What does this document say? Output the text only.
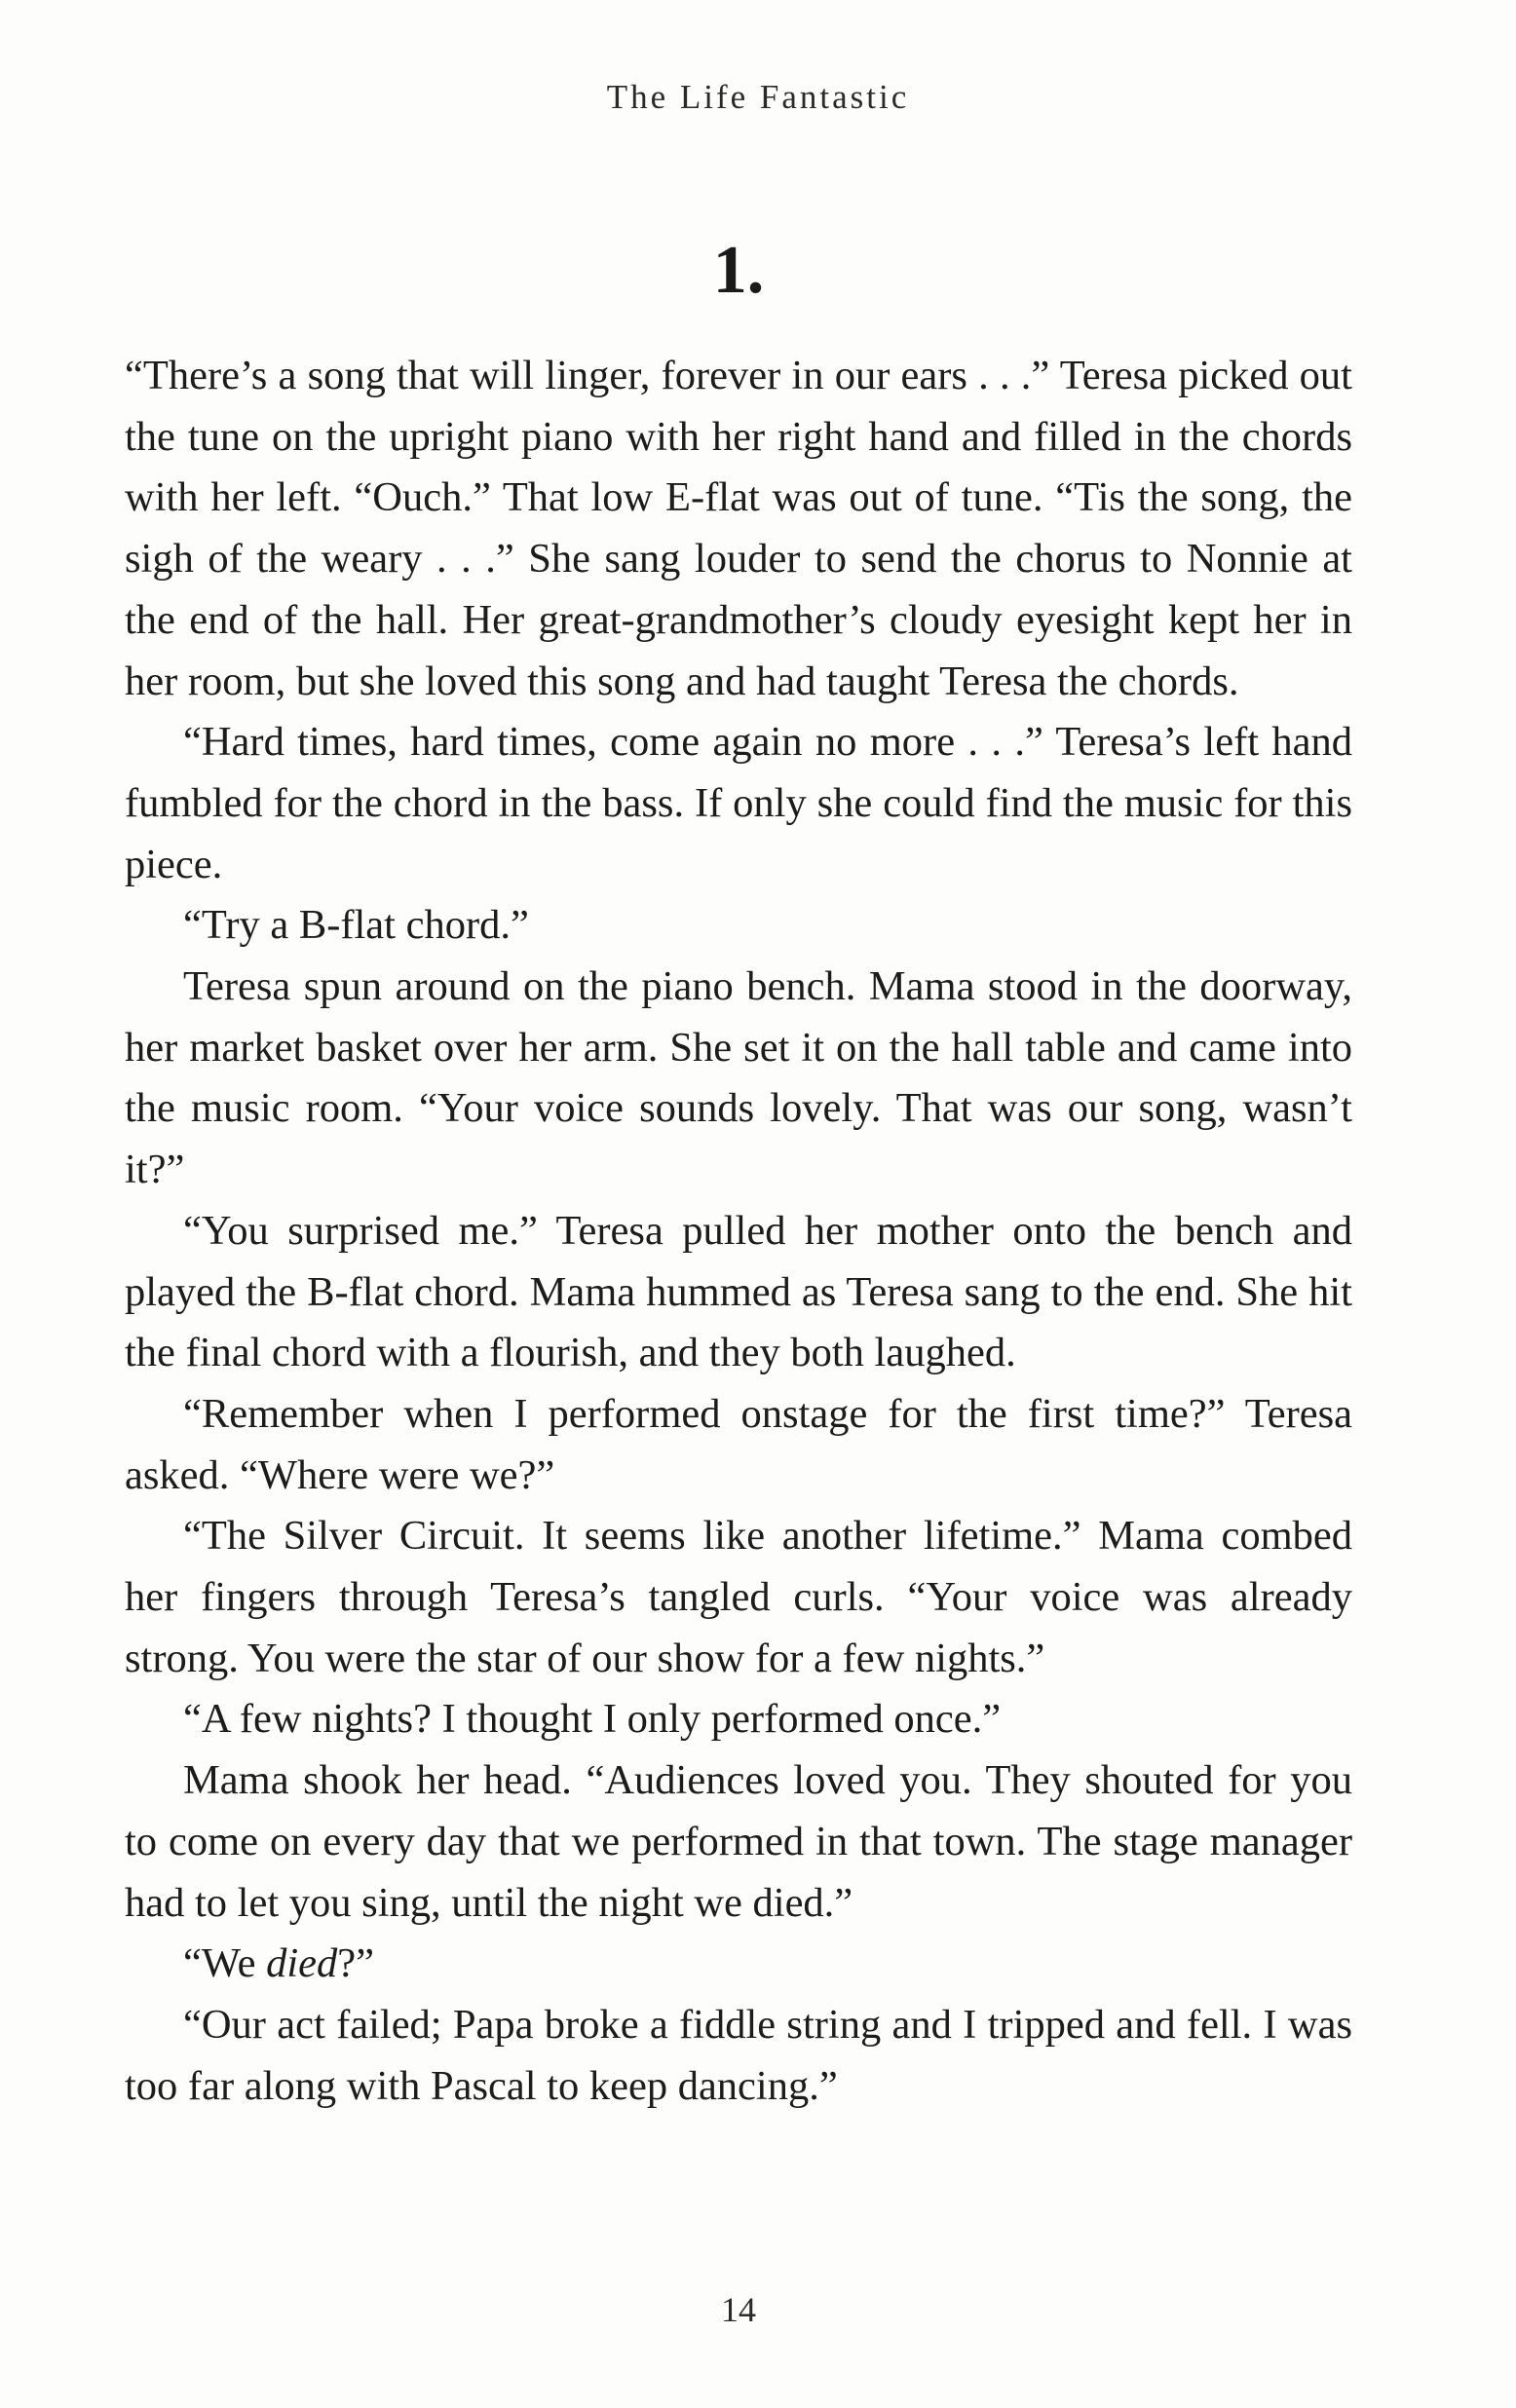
The Life Fantastic
1.

“There’s a song that will linger, forever in our ears . . .” Teresa picked out the tune on the upright piano with her right hand and filled in the chords with her left. “Ouch.” That low E-flat was out of tune. “Tis the song, the sigh of the weary . . .” She sang louder to send the chorus to Nonnie at the end of the hall. Her great-grandmother’s cloudy eyesight kept her in her room, but she loved this song and had taught Teresa the chords.

“Hard times, hard times, come again no more . . .” Teresa’s left hand fumbled for the chord in the bass. If only she could find the music for this piece.

“Try a B-flat chord.”

Teresa spun around on the piano bench. Mama stood in the doorway, her market basket over her arm. She set it on the hall table and came into the music room. “Your voice sounds lovely. That was our song, wasn’t it?”

“You surprised me.” Teresa pulled her mother onto the bench and played the B-flat chord. Mama hummed as Teresa sang to the end. She hit the final chord with a flourish, and they both laughed.

“Remember when I performed onstage for the first time?” Teresa asked. “Where were we?”

“The Silver Circuit. It seems like another lifetime.” Mama combed her fingers through Teresa’s tangled curls. “Your voice was already strong. You were the star of our show for a few nights.”

“A few nights? I thought I only performed once.”

Mama shook her head. “Audiences loved you. They shouted for you to come on every day that we performed in that town. The stage manager had to let you sing, until the night we died.”

“We died?”

“Our act failed; Papa broke a fiddle string and I tripped and fell. I was too far along with Pascal to keep dancing.”

14
